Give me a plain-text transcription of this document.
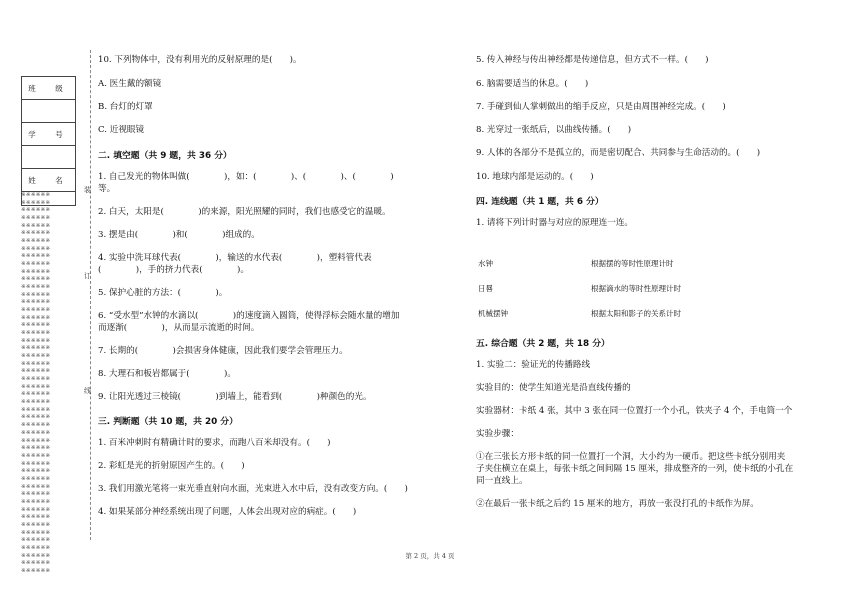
班　级

学　号

姓　名

※※※※※※
※※※※※※
※※※※※※
※※※※※※
※※※※※※
※※※※※※
※※※※※※
※※※※※※
※※※※※※
※※※※※※
※※※※※※
※※※※※※
※※※※※※
※※※※※※
※※※※※※
※※※※※※
※※※※※※
※※※※※※
※※※※※※
※※※※※※
※※※※※※
※※※※※※
※※※※※※
※※※※※※
※※※※※※
※※※※※※
※※※※※※
※※※※※※
※※※※※※
※※※※※※
※※※※※※
※※※※※※
※※※※※※
※※※※※※
※※※※※※
※※※※※※
※※※※※※
※※※※※※
※※※※※※
※※※※※※
※※※※※※
※※※※※※
※※※※※※
※※※※※※
※※※※※※
※※※※※※
※※※※※※
※※※※※※
※※※※※※
※※※※※※
装
订
线
10. 下列物体中，没有利用光的反射原理的是(　　)。
A. 医生戴的额镜
B. 台灯的灯罩
C. 近视眼镜
二. 填空题（共 9 题，共 36 分）
1. 自己发光的物体叫做(　　　　)，如：(　　　　)、(　　　　)、(　　　　)
等。
2. 白天，太阳是(　　　　)的来源，阳光照耀的同时，我们也感受它的温暖。
3. 摆是由(　　　　)和(　　　　)组成的。
4. 实验中洗耳球代表(　　　　)，输送的水代表(　　　　)，塑料管代表
(　　　　)，手的挤力代表(　　　　)。
5. 保护心脏的方法：(　　　　)。
6. “受水型”水钟的水滴以(　　　　)的速度滴入圆筒，使得浮标会随水量的增加
而逐渐(　　　　)，从而显示流逝的时间。
7. 长期的(　　　　)会损害身体健康，因此我们要学会管理压力。
8. 大理石和板岩都属于(　　　　)。
9. 让阳光透过三棱镜(　　　　)到墙上，能看到(　　　　)种颜色的光。
三. 判断题（共 10 题，共 20 分）
1. 百米冲刺时有精确计时的要求，而跑八百米却没有。(　　)
2. 彩虹是光的折射原因产生的。(　　)
3. 我们用激光笔将一束光垂直射向水面，光束进入水中后，没有改变方向。(　　)
4. 如果某部分神经系统出现了问题，人体会出现对应的病症。(　　)
5. 传入神经与传出神经都是传递信息，但方式不一样。(　　)
6. 脑需要适当的休息。(　　)
7. 手碰到仙人掌刺做出的缩手反应，只是由周围神经完成。(　　)
8. 光穿过一张纸后，以曲线传播。(　　)
9. 人体的各部分不是孤立的，而是密切配合、共同参与生命活动的。(　　)
10. 地球内部是运动的。(　　)
四. 连线题（共 1 题，共 6 分）
1. 请将下列计时器与对应的原理连一连。
水钟	根据摆的等时性原理计时
日晷	根据滴水的等时性原理计时
机械摆钟	根据太阳和影子的关系计时
五. 综合题（共 2 题，共 18 分）
1. 实验二：验证光的传播路线
实验目的：使学生知道光是沿直线传播的
实验器材：卡纸 4 张，其中 3 张在同一位置打一个小孔，铁夹子 4 个，手电筒一个
实验步骤：
①在三张长方形卡纸的同一位置打一个洞，大小约为一硬币。把这些卡纸分别用夹
子夹住横立在桌上，每张卡纸之间间隔 15 厘米，排成整齐的一列，使卡纸的小孔在
同一直线上。
②在最后一张卡纸之后约 15 厘米的地方，再放一张没打孔的卡纸作为屏。
第 2 页，共 4 页
